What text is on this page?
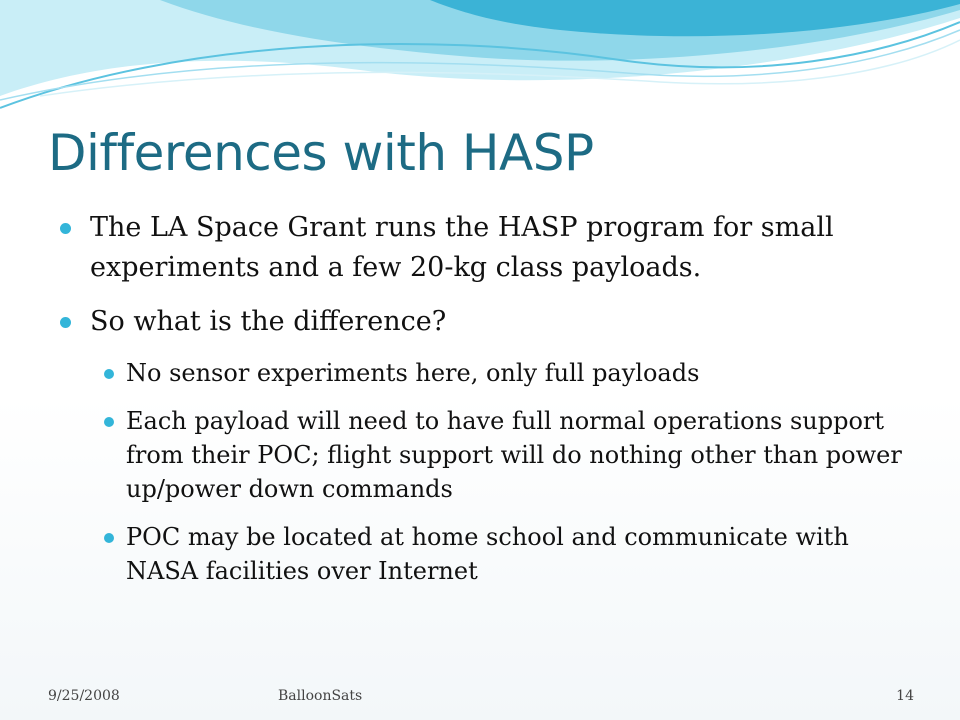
Differences with HASP
The LA Space Grant runs the HASP program for small experiments and a few 20-kg class payloads.
So what is the difference?
No sensor experiments here, only full payloads
Each payload will need to have full normal operations support from their POC; flight support will do nothing other than power up/power down commands
POC may be located at home school and communicate with NASA facilities over Internet
9/25/2008	BalloonSats	14
